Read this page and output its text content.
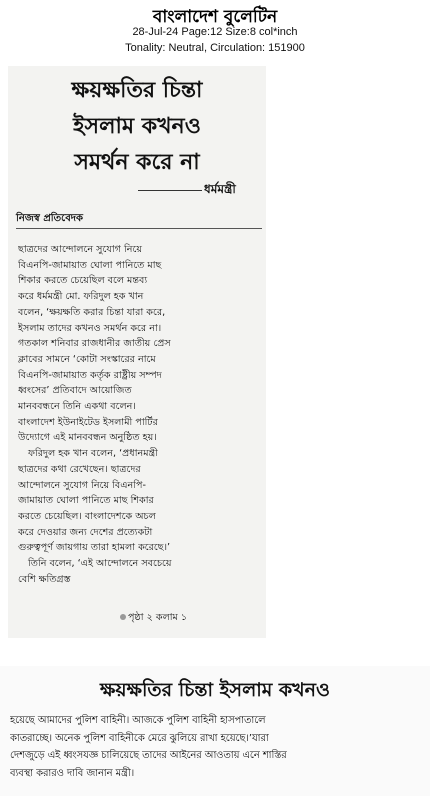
বাংলাদেশ বুলেটিন
28-Jul-24 Page:12 Size:8 col*inch
Tonality: Neutral, Circulation: 151900
ক্ষয়ক্ষতির চিন্তা
ইসলাম কখনও
সমর্থন করে না
ধর্মমন্ত্রী
নিজস্ব প্রতিবেদক
ছাত্রদের আন্দোলনে সুযোগ নিয়ে
বিএনপি-জামায়াত ঘোলা পানিতে মাছ
শিকার করতে চেয়েছিল বলে মন্তব্য
করে ধর্মমন্ত্রী মো. ফরিদুল হক খান
বলেন, ‘ক্ষয়ক্ষতি করার চিন্তা যারা করে,
ইসলাম তাদের কখনও সমর্থন করে না।
গতকাল শনিবার রাজধানীর জাতীয় প্রেস
ক্লাবের সামনে ‘কোটা সংস্কারের নামে
বিএনপি-জামায়াত কর্তৃক রাষ্ট্রীয় সম্পদ
ধ্বংসের’ প্রতিবাদে আয়োজিত
মানববন্ধনে তিনি একথা বলেন।
বাংলাদেশ ইউনাইটেড ইসলামী পার্টির
উদ্যোগে এই মানববন্ধন অনুষ্ঠিত হয়।
ফরিদুল হক খান বলেন, ‘প্রধানমন্ত্রী
ছাত্রদের কথা রেখেছেন। ছাত্রদের
আন্দোলনে সুযোগ নিয়ে বিএনপি-
জামায়াত ঘোলা পানিতে মাছ শিকার
করতে চেয়েছিল। বাংলাদেশকে অচল
করে দেওয়ার জন্য দেশের প্রত্যেকটা
গুরুত্বপূর্ণ জায়গায় তারা হামলা করেছে।’
তিনি বলেন, ‘এই আন্দোলনে সবচেয়ে
বেশি ক্ষতিগ্রস্ত
পৃষ্ঠা ২ কলাম ১
ক্ষয়ক্ষতির চিন্তা ইসলাম কখনও
হয়েছে আমাদের পুলিশ বাহিনী। আজকে পুলিশ বাহিনী হাসপাতালে
কাতরাচ্ছে। অনেক পুলিশ বাহিনীকে মেরে ঝুলিয়ে রাখা হয়েছে।’যারা
দেশজুড়ে এই ধ্বংসযজ্ঞ চালিয়েছে তাদের আইনের আওতায় এনে শাস্তির
ব্যবস্থা করারও দাবি জানান মন্ত্রী।
